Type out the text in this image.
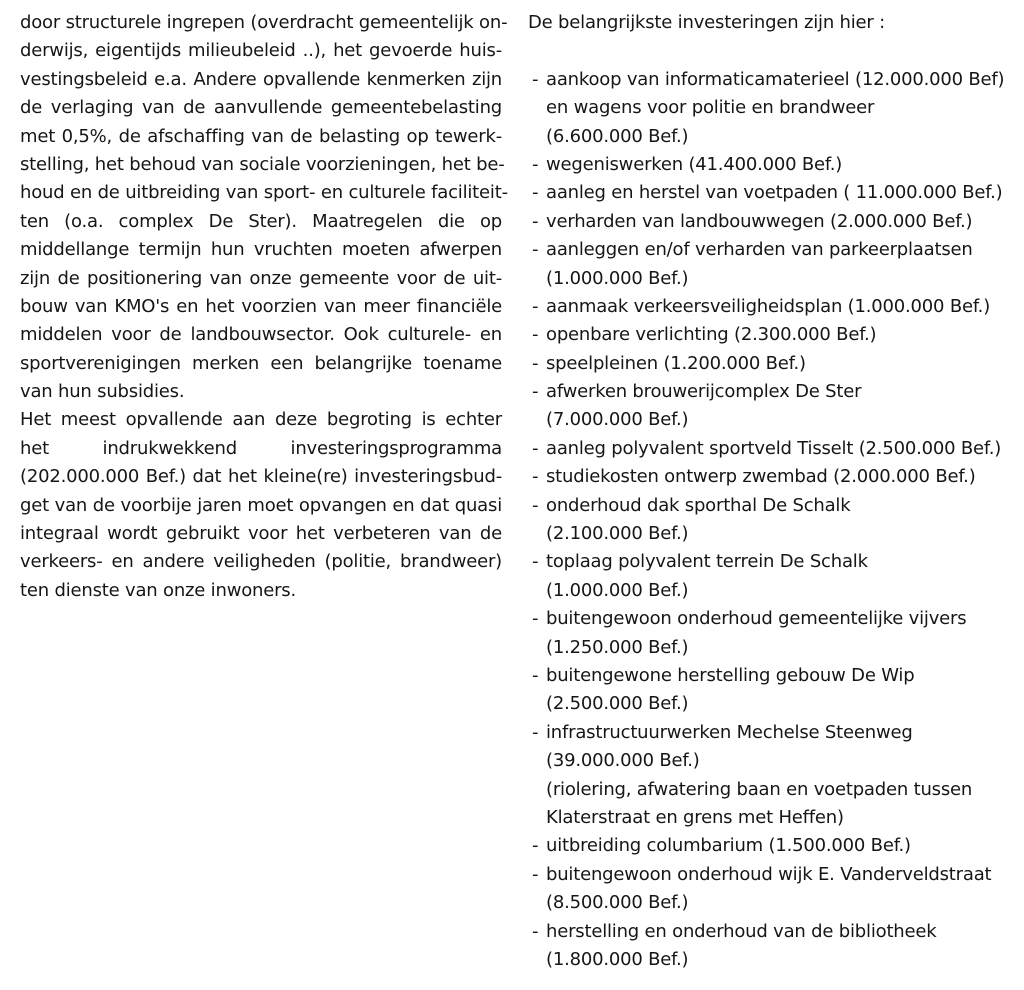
door structurele ingrepen (overdracht gemeentelijk on-
derwijs, eigentijds milieubeleid ..), het gevoerde huis-
vestingsbeleid e.a. Andere opvallende kenmerken zijn
de verlaging van de aanvullende gemeentebelasting
met 0,5%, de afschaffing van de belasting op tewerk-
stelling, het behoud van sociale voorzieningen, het be-
houd en de uitbreiding van sport- en culturele faciliteit-
ten (o.a. complex De Ster). Maatregelen die op
middellange termijn hun vruchten moeten afwerpen
zijn de positionering van onze gemeente voor de uit-
bouw van KMO's en het voorzien van meer financiële
middelen voor de landbouwsector. Ook culturele- en
sportverenigingen merken een belangrijke toename
van hun subsidies.
Het meest opvallende aan deze begroting is echter
het indrukwekkend investeringsprogramma
(202.000.000 Bef.) dat het kleine(re) investeringsbud-
get van de voorbije jaren moet opvangen en dat quasi
integraal wordt gebruikt voor het verbeteren van de
verkeers- en andere veiligheden (politie, brandweer)
ten dienste van onze inwoners.
De belangrijkste investeringen zijn hier :
- aankoop van informaticamaterieel (12.000.000 Bef)
en wagens voor politie en brandweer
(6.600.000 Bef.)
- wegeniswerken (41.400.000 Bef.)
- aanleg en herstel van voetpaden ( 11.000.000 Bef.)
- verharden van landbouwwegen (2.000.000 Bef.)
- aanleggen en/of verharden van parkeerplaatsen
(1.000.000 Bef.)
- aanmaak verkeersveiligheidsplan (1.000.000 Bef.)
- openbare verlichting (2.300.000 Bef.)
- speelpleinen (1.200.000 Bef.)
- afwerken brouwerijcomplex De Ster
(7.000.000 Bef.)
- aanleg polyvalent sportveld Tisselt (2.500.000 Bef.)
- studiekosten ontwerp zwembad (2.000.000 Bef.)
- onderhoud dak sporthal De Schalk
(2.100.000 Bef.)
- toplaag polyvalent terrein De Schalk
(1.000.000 Bef.)
- buitengewoon onderhoud gemeentelijke vijvers
(1.250.000 Bef.)
- buitengewone herstelling gebouw De Wip
(2.500.000 Bef.)
- infrastructuurwerken Mechelse Steenweg
(39.000.000 Bef.)
(riolering, afwatering baan en voetpaden tussen
Klaterstraat en grens met Heffen)
- uitbreiding columbarium (1.500.000 Bef.)
- buitengewoon onderhoud wijk E. Vanderveldstraat
(8.500.000 Bef.)
- herstelling en onderhoud van de bibliotheek
(1.800.000 Bef.)
